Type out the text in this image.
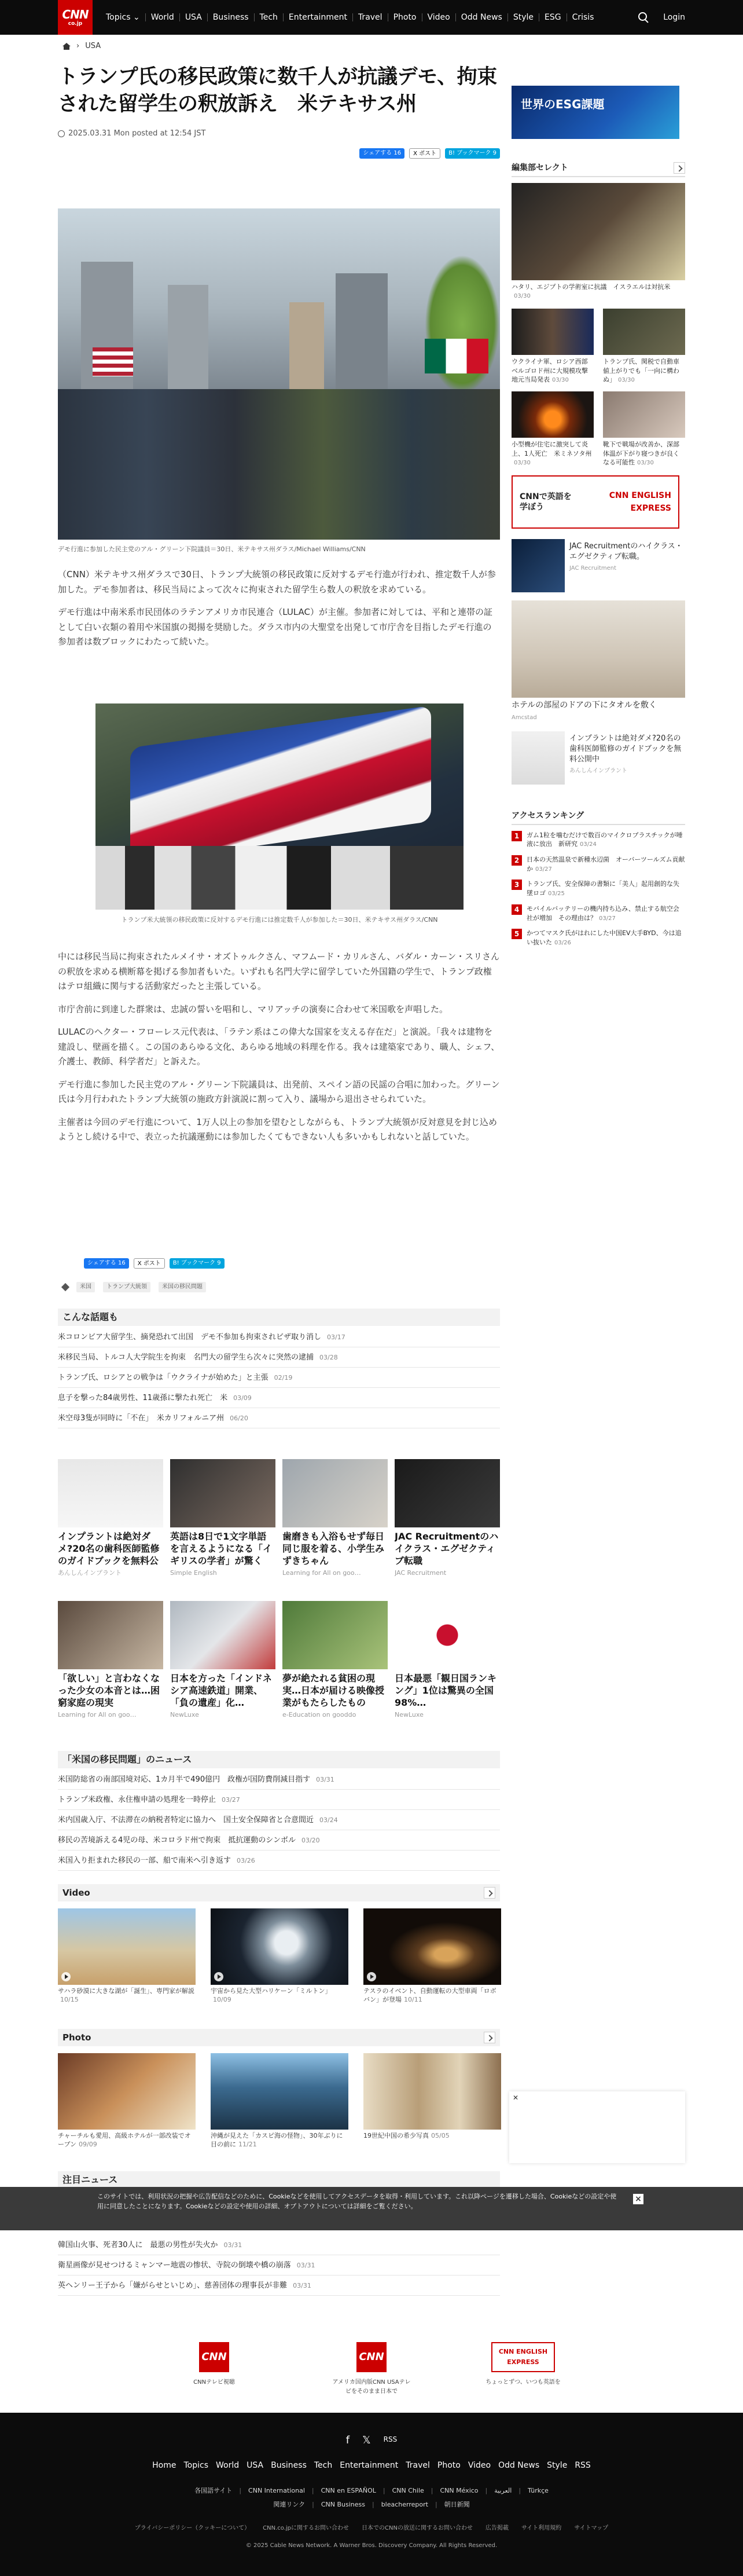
CNN
co.jp
Topics ⌄	World	USA	Business	Tech	Entertainment	Travel	Photo	Video	Odd News	Style	ESG	Crisis	Login
› USA
トランプ氏の移民政策に数千人が抗議デモ、拘束された留学生の釈放訴え　米テキサス州
2025.03.31 Mon posted at 12:54 JST
シェアする 16	X ポスト	B! ブックマーク 9
デモ行進に参加した民主党のアル・グリーン下院議員＝30日、米テキサス州ダラス/Michael Williams/CNN

（CNN）米テキサス州ダラスで30日、トランプ大統領の移民政策に反対するデモ行進が行われ、推定数千人が参加した。デモ参加者は、移民当局によって次々に拘束された留学生ら数人の釈放を求めている。

デモ行進は中南米系市民団体のラテンアメリカ市民連合（LULAC）が主催。参加者に対しては、平和と連帯の証として白い衣類の着用や米国旗の掲揚を奨励した。ダラス市内の大聖堂を出発して市庁舎を目指したデモ行進の参加者は数ブロックにわたって続いた。

トランプ米大統領の移民政策に反対するデモ行進には推定数千人が参加した＝30日、米テキサス州ダラス/CNN

中には移民当局に拘束されたルメイサ・オズトゥルクさん、マフムード・カリルさん、バダル・カーン・スリさんの釈放を求める横断幕を掲げる参加者もいた。いずれも名門大学に留学していた外国籍の学生で、トランプ政権はテロ組織に関与する活動家だったと主張している。

市庁舎前に到達した群衆は、忠誠の誓いを唱和し、マリアッチの演奏に合わせて米国歌を声唱した。

LULACのヘクター・フローレス元代表は、「ラテン系はこの偉大な国家を支える存在だ」と演説。「我々は建物を建設し、壁画を描く。この国のあらゆる文化、あらゆる地域の料理を作る。我々は建築家であり、職人、シェフ、介護士、教師、科学者だ」と訴えた。

デモ行進に参加した民主党のアル・グリーン下院議員は、出発前、スペイン語の民謡の合唱に加わった。グリーン氏は今月行われたトランプ大統領の施政方針演説に割って入り、議場から退出させられていた。

主催者は今回のデモ行進について、1万人以上の参加を望むとしながらも、トランプ大統領が反対意見を封じ込めようとし続ける中で、表立った抗議運動には参加したくてもできない人も多いかもしれないと話していた。

シェアする 16	X ポスト	B! ブックマーク 9
米国	トランプ大統領	米国の移民問題
こんな話題も
米コロンビア大留学生、摘発恐れて出国　デモ不参加も拘束されビザ取り消し 03/17
米移民当局、トルコ人大学院生を拘束　名門大の留学生ら次々に突然の逮捕 03/28
トランプ氏、ロシアとの戦争は「ウクライナが始めた」と主張 02/19
息子を撃った84歳男性、11歳孫に撃たれ死亡　米 03/09
米空母3隻が同時に「不在」　米カリフォルニア州 06/20
インプラントは絶対ダメ?20名の歯科医師監修のガイドブックを無料公
あんしんインプラント
英語は8日で1文字単語を言えるようになる「イギリスの学者」が驚く
Simple English
歯磨きも入浴もせず毎日同じ服を着る、小学生みずきちゃん
Learning for All on goo…
JAC Recruitmentのハイクラス・エグゼクティブ転職
JAC Recruitment
「欲しい」と言わなくなった少女の本音とは…困窮家庭の現実
Learning for All on goo…
日本を方った「インドネシア高速鉄道」開業、「負の遺産」化…
NewLuxe
夢が絶たれる貧困の現実…日本が届ける映像授業がもたらしたもの
e-Education on gooddo
日本最悪「観日国ランキング」1位は驚異の全国98%…
NewLuxe
「米国の移民問題」のニュース
米国防総省の南部国境対応、1カ月半で490億円　政権が国防費削減目指す 03/31
トランプ米政権、永住権申請の処理を一時停止 03/27
米内国歳入庁、不法滞在の納税者特定に協力へ　国土安全保障省と合意間近 03/24
移民の苦境訴える4児の母、米コロラド州で拘束　抵抗運動のシンボル 03/20
米国入り拒まれた移民の一部、船で南米へ引き返す 03/26
Video
サハラ砂漠に大きな湖が「誕生」、専門家が解説10/15
宇宙から見た大型ハリケーン「ミルトン」10/09
テスラのイベント、自動運転の大型車両「ロボバン」が登場 10/11
Photo
チャーチルも愛用、高級ホテルが一部改装でオープン 09/09
沖縄が見えた「カスピ海の怪物」、30年ぶりに目の前に 11/21
19世紀中国の希少写真 05/05
注目ニュース
韓国山火事、死者30人に　最悪の男性が失火か 03/31
衛星画像が見せつけるミャンマー地震の惨状、寺院の倒壊や橋の崩落 03/31
英ヘンリー王子から「嫌がらせといじめ」、慈善団体の理事長が非難 03/31
このサイトでは、利用状況の把握や広告配信などのために、Cookieなどを使用してアクセスデータを取得・利用しています。これ以降ページを遷移した場合、Cookieなどの設定や使用に同意したことになります。Cookieなどの設定や使用の詳細、オプトアウトについては詳細をご覧ください。
×
CNN
CNNテレビ視聴
CNN
アメリカ国内版CNN USAテレビをそのまま日本で
CNN ENGLISH EXPRESS
ちょっとずつ、いつも英語を
世界のESG課題
編集部セレクト
ハタリ、エジプトの学術室に抗議　イスラエルは対抗米03/30
ウクライナ軍、ロシア西部ベルゴロド州に大規模攻撃　地元当局発表 03/30
トランプ氏、関税で自動車値上がりでも「一向に構わぬ」 03/30
小型機が住宅に激突して炎上、1人死亡　米ミネソタ州03/30
靴下で戦場が改善か、深部体温が下がり寝つきが良くなる可能性 03/30
CNNで英語を学ぼう
CNN ENGLISH EXPRESS
JAC Recruitmentのハイクラス・エグゼクティブ転職。
JAC Recruitment
ホテルの部屋のドアの下にタオルを敷く
Amcstad
インプラントは絶対ダメ?20名の歯科医師監修のガイドブックを無料公開中
あんしんインプラント
アクセスランキング
1	ガム1粒を噛むだけで数百のマイクロプラスチックが唾液に放出　新研究 03/24
2	日本の天然温泉で新種水辺菌　オーバーツールズム貢献か 03/27
3	トランプ氏、安全保障の書類に「美人」起用創的な失墜ロゴ 03/25
4	モバイルバッテリーの機内持ち込み、禁止する航空会社が増加　その理由は？ 03/27
5	かつてマスク氏がはれにした中国EV大手BYD、今は追い抜いた 03/26
✕
f 𝕏 RSS
Home Topics World USA Business Tech Entertainment Travel Photo Video Odd News Style RSS
各国語サイト | CNN International | CNN en ESPAÑOL | CNN Chile | CNN México | العربية | Türkçe
関連リンク | CNN Business | bleacherreport | 朝日新聞
プライバシーポリシー（クッキーについて） CNN.co.jpに関するお問い合わせ 日本でのCNNの放送に関するお問い合わせ 広告掲載 サイト利用規約 サイトマップ
© 2025 Cable News Network. A Warner Bros. Discovery Company. All Rights Reserved.
